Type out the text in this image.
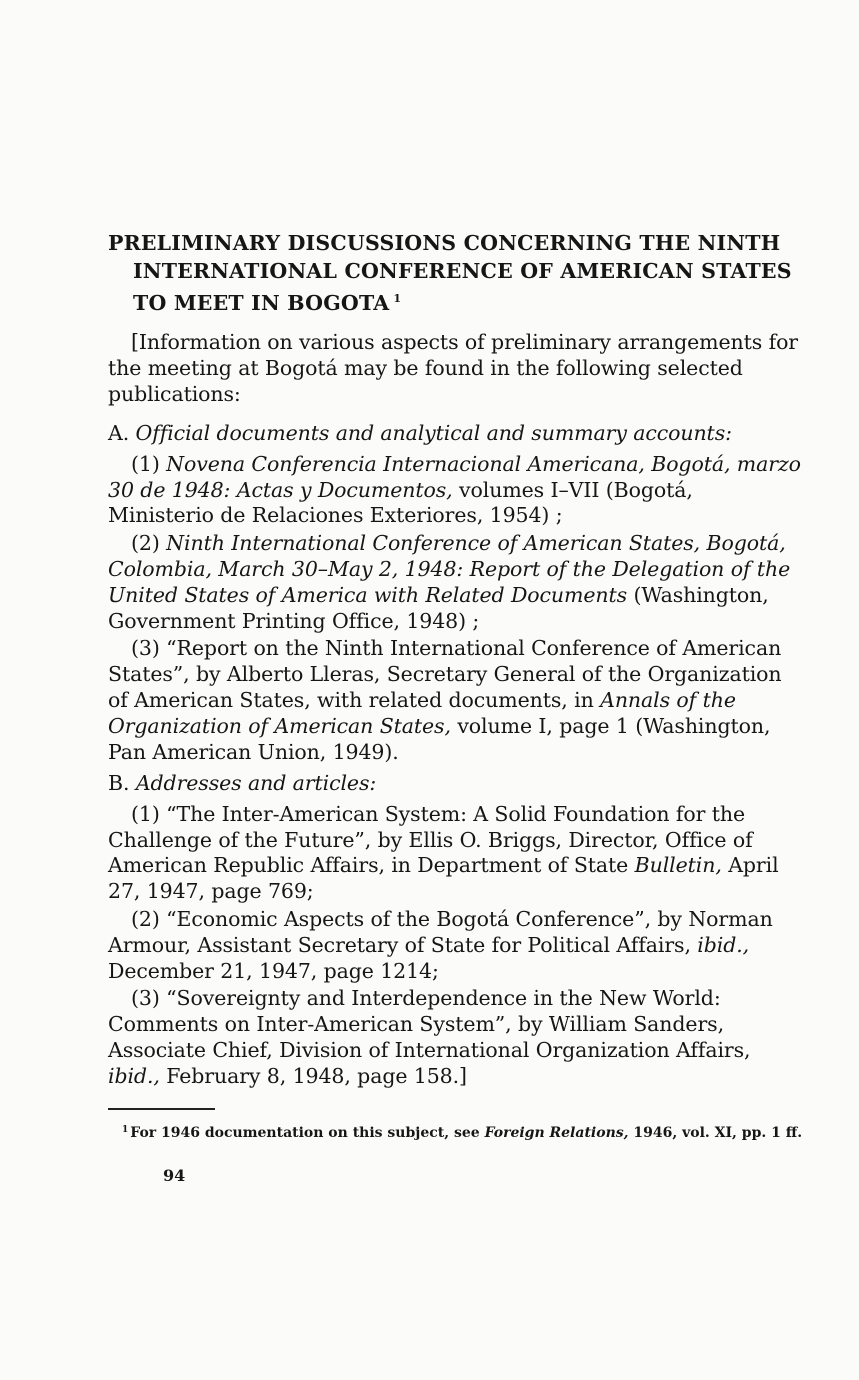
PRELIMINARY DISCUSSIONS CONCERNING THE NINTH
INTERNATIONAL CONFERENCE OF AMERICAN STATES
TO MEET IN BOGOTA $^1$

[Information on various aspects of preliminary arrangements for the meeting at Bogotá may be found in the following selected publications:

A. Official documents and analytical and summary accounts:

(1) Novena Conferencia Internacional Americana, Bogotá, marzo 30 de 1948: Actas y Documentos, volumes I–VII (Bogotá, Ministerio de Relaciones Exteriores, 1954) ;

(2) Ninth International Conference of American States, Bogotá, Colombia, March 30–May 2, 1948: Report of the Delegation of the United States of America with Related Documents (Washington, Government Printing Office, 1948) ;

(3) “Report on the Ninth International Conference of American States”, by Alberto Lleras, Secretary General of the Organization of American States, with related documents, in Annals of the Organization of American States, volume I, page 1 (Washington, Pan American Union, 1949).

B. Addresses and articles:

(1) “The Inter-American System: A Solid Foundation for the Challenge of the Future”, by Ellis O. Briggs, Director, Office of American Republic Affairs, in Department of State Bulletin, April 27, 1947, page 769;

(2) “Economic Aspects of the Bogotá Conference”, by Norman Armour, Assistant Secretary of State for Political Affairs, ibid., December 21, 1947, page 1214;

(3) “Sovereignty and Interdependence in the New World: Comments on Inter-American System”, by William Sanders, Associate Chief, Division of International Organization Affairs, ibid., February 8, 1948, page 158.]

$^1$ For 1946 documentation on this subject, see Foreign Relations, 1946, vol. XI, pp. 1 ff.

94
